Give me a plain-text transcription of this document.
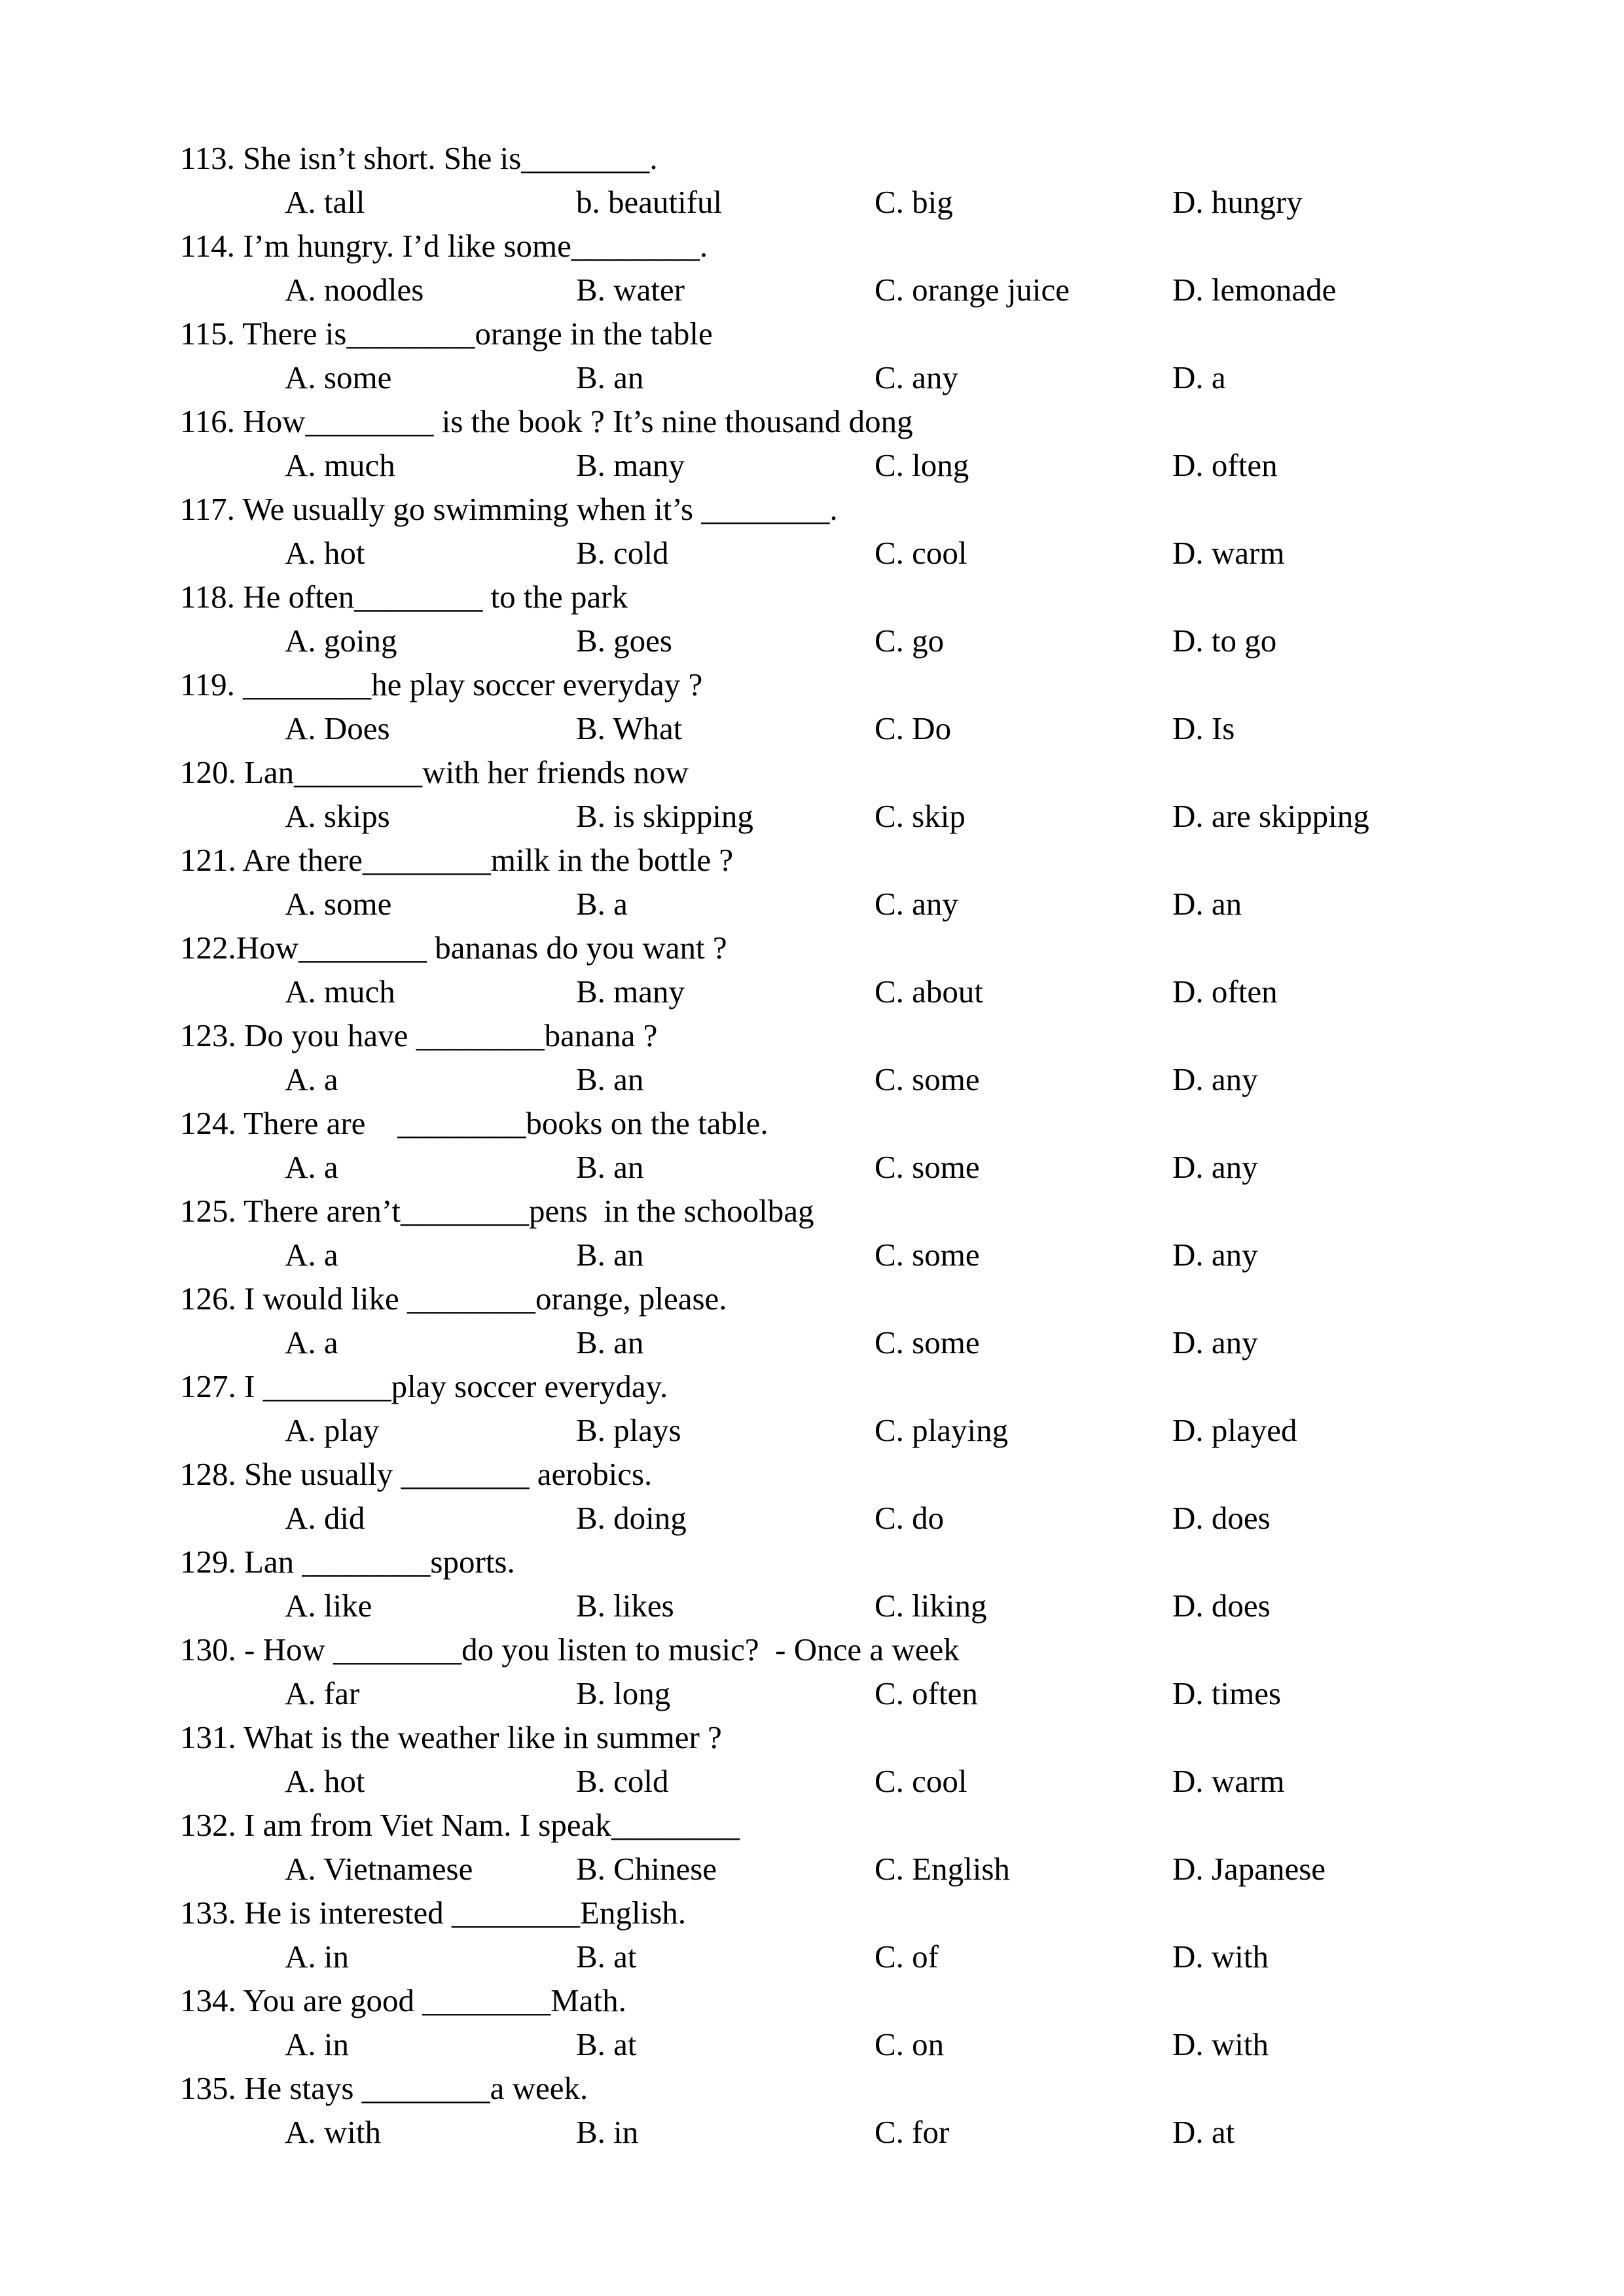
113. She isn’t short. She is________.
A. tall	b. beautiful	C. big	D. hungry
114. I’m hungry. I’d like some________.
A. noodles	B. water	C. orange juice	D. lemonade
115. There is________orange in the table
A. some	B. an	C. any	D. a
116. How________ is the book ? It’s nine thousand dong
A. much	B. many	C. long	D. often
117. We usually go swimming when it’s ________.
A. hot	B. cold	C. cool	D. warm
118. He often________ to the park
A. going	B. goes	C. go	D. to go
119. ________he play soccer everyday ?
A. Does	B. What	C. Do	D. Is
120. Lan________with her friends now
A. skips	B. is skipping	C. skip	D. are skipping
121. Are there________milk in the bottle ?
A. some	B. a	C. any	D. an
122.How________ bananas do you want ?
A. much	B. many	C. about	D. often
123. Do you have ________banana ?
A. a	B. an	C. some	D. any
124. There are    ________books on the table.
A. a	B. an	C. some	D. any
125. There aren’t________pens  in the schoolbag
A. a	B. an	C. some	D. any
126. I would like ________orange, please.
A. a	B. an	C. some	D. any
127. I ________play soccer everyday.
A. play	B. plays	C. playing	D. played
128. She usually ________ aerobics.
A. did	B. doing	C. do	D. does
129. Lan ________sports.
A. like	B. likes	C. liking	D. does
130. - How ________do you listen to music?  - Once a week
A. far	B. long	C. often	D. times
131. What is the weather like in summer ?
A. hot	B. cold	C. cool	D. warm
132. I am from Viet Nam. I speak________
A. Vietnamese	B. Chinese	C. English	D. Japanese
133. He is interested ________English.
A. in	B. at	C. of	D. with
134. You are good ________Math.
A. in	B. at	C. on	D. with
135. He stays ________a week.
A. with	B. in	C. for	D. at
